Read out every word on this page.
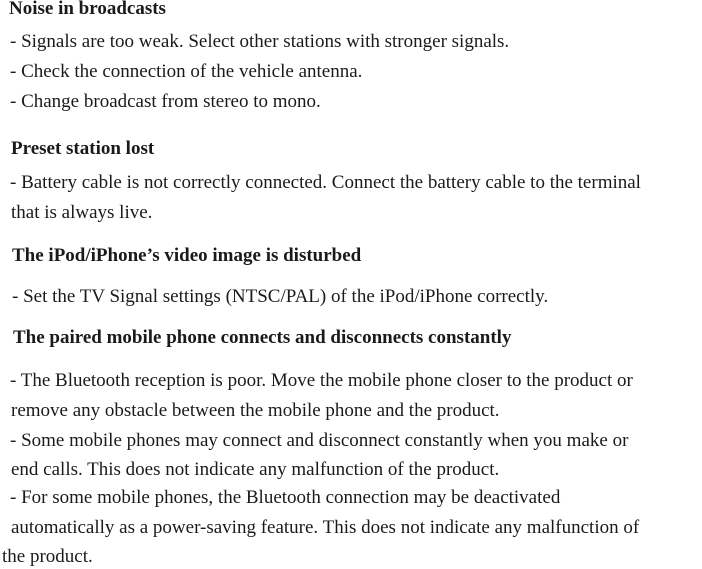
Noise in broadcasts
- Signals are too weak. Select other stations with stronger signals.
- Check the connection of the vehicle antenna.
- Change broadcast from stereo to mono.
Preset station lost
- Battery cable is not correctly connected. Connect the battery cable to the terminal
that is always live.
The iPod/iPhone’s video image is disturbed
- Set the TV Signal settings (NTSC/PAL) of the iPod/iPhone correctly.
The paired mobile phone connects and disconnects constantly
- The Bluetooth reception is poor. Move the mobile phone closer to the product or
remove any obstacle between the mobile phone and the product.
- Some mobile phones may connect and disconnect constantly when you make or
end calls. This does not indicate any malfunction of the product.
- For some mobile phones, the Bluetooth connection may be deactivated
automatically as a power-saving feature. This does not indicate any malfunction of
the product.
